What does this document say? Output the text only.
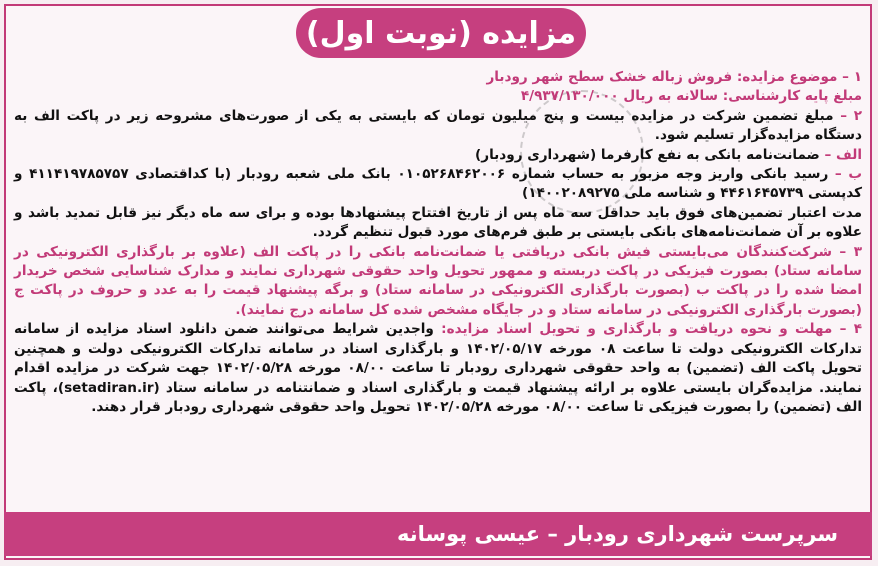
مزایده (نوبت اول)

۱ – موضوع مزایده: فروش زباله خشک سطح شهر رودبار

مبلغ پایه کارشناسی: سالانه به ریال ۴/۹۳۷/۱۳۰/۰۰۰

۲ – مبلغ تضمین شرکت در مزایده بیست و پنج میلیون تومان که بایستی به یکی از صورت‌های مشروحه زیر در پاکت الف به دستگاه مزایده‌گزار تسلیم شود.

الف – ضمانت‌نامه بانکی به نفع کارفرما (شهرداری رودبار)

ب – رسید بانکی واریز وجه مزبور به حساب شماره ۰۱۰۵۲۶۸۴۶۲۰۰۶ بانک ملی شعبه رودبار (با کداقتصادی ۴۱۱۴۱۹۷۸۵۷۵۷ و کدپستی ۴۴۶۱۶۴۵۷۳۹ و شناسه ملی ۱۴۰۰۲۰۸۹۲۷۵)

مدت اعتبار تضمین‌های فوق باید حداقل سه ماه پس از تاریخ افتتاح پیشنهادها بوده و برای سه ماه دیگر نیز قابل تمدید باشد و علاوه بر آن ضمانت‌نامه‌های بانکی بایستی بر طبق فرم‌های مورد قبول تنظیم گردد.

۳ – شرکت‌کنندگان می‌بایستی فیش بانکی دریافتی یا ضمانت‌نامه بانکی را در پاکت الف (علاوه بر بارگذاری الکترونیکی در سامانه ستاد) بصورت فیزیکی در پاکت دربسته و ممهور تحویل واحد حقوقی شهرداری نمایند و مدارک شناسایی شخص خریدار امضا شده را در پاکت ب (بصورت بارگذاری الکترونیکی در سامانه ستاد) و برگه پیشنهاد قیمت را به عدد و حروف در پاکت ج (بصورت بارگذاری الکترونیکی در سامانه ستاد و در جایگاه مشخص شده کل سامانه درج نمایند).

۴ – مهلت و نحوه دریافت و بارگذاری و تحویل اسناد مزایده: واجدین شرایط می‌توانند ضمن دانلود اسناد مزایده از سامانه تدارکات الکترونیکی دولت تا ساعت ۰۸ مورخه ۱۴۰۲/۰۵/۱۷ و بارگذاری اسناد در سامانه تدارکات الکترونیکی دولت و همچنین تحویل پاکت الف (تضمین) به واحد حقوقی شهرداری رودبار تا ساعت ۰۸/۰۰ مورخه ۱۴۰۲/۰۵/۲۸ جهت شرکت در مزایده اقدام نمایند. مزایده‌گران بایستی علاوه بر ارائه پیشنهاد قیمت و بارگذاری اسناد و ضمانتنامه در سامانه ستاد (setadiran.ir)، پاکت الف (تضمین) را بصورت فیزیکی تا ساعت ۰۸/۰۰ مورخه ۱۴۰۲/۰۵/۲۸ تحویل واحد حقوقی شهرداری رودبار قرار دهند.

سرپرست شهرداری رودبار – عیسی پوسانه
